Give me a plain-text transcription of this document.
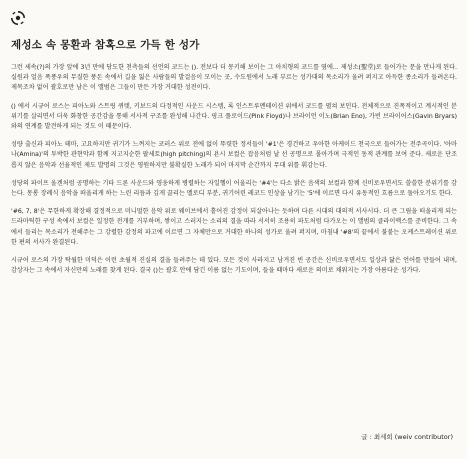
제성소 속 몽환과 참혹으로 가득 한 성가

그런 세속(?)의 가장 앞에 3년 만에 당도한 천측들의 선언의 코드는 (). 전보다 더 몽키해 보이는 그 아치형의 코드를 옆에... 제성소(聖堂)로 들어가는 문을 만나게 된다. 실원과 얼음 폭풍우의 무질한 풍돈 속에서 길을 잃은 사람들의 발걸음이 모이는 곳, 수도원에서 노래 부르는 성가대의 목소리가 울려 퍼지고 아득한 종소리가 들려온다. 제목조차 없어 괄호로만 남은 이 앨범은 그들이 만든 가장 거대한 성전이다.

() 에서 시규어 로스는 피아노와 스트링 퀴텟, 키보드의 다정적인 사운드 시스템, 록 인스트루멘테이션 위에서 코드를 펼쳐 보인다. 전체적으로 진폭적이고 계시적인 분위기를 살리면서 더욱 화창한 공간감을 통해 서사적 구조를 완성해 나간다. 핑크 플로이드(Pink Floyd)나 브라이언 이노(Brian Eno), 가빈 브라이어스(Gavin Bryars)와의 연계를 발견하게 되는 것도 이 때문이다.

성량 출신과 피아노 테마, 고요하지만 귀기가 느껴지는 코러스 위로 전에 없이 뚜렷한 정서들이 '#1'은 경건하고 우아한 아케이드 천국으로 들어가는 전주곡이다. '아마나(Amina)'의 투박한 관현악과 함께 지고지순한 팔세토(high pitching)의 욘시 보컬은 잡음처럼 날 선 공명으로 몰아가며 극적인 동적 관계를 보여 준다. 새로운 단조롭지 않은 음악과 선율적인 제도 발명의 그것은 영원하지만 불확실한 노래가 되어 마지막 순간까지 무대 위를 휘감는다.

성당의 파이프 올겐처럼 공명하는 기타 드론 사운드와 영웅하게 병렬하는 자일헬이 어울리는 '#4'는 다소 밝은 음색의 보컬과 함께 신비로우면서도 쓸쓸한 분위기를 감는다. 몽롱 장례식 음악을 떠올리게 하는 느린 리듬과 깊게 끌리는 멜로디 부분, 귀기어린 레코드 인상을 남기는 '5'에 이르면 다시 유동적인 흐름으로 돌아오기도 한다.

'#6, 7, 8'은 무한하게 확장해 결정적으로 미니멀한 음악 위로 웨이브에서 흩어진 감정이 되살아나는 듯하며 다른 시대의 대의적 서사시다. 더 큰 그림을 떠올리게 되는 드라마틱한 구성 속에서 보컬은 일정한 전개를 거부하며, 쌓이고 스러지는 소리의 결을 따라 서서히 조용히 파도처럼 다가오는 이 앨범의 클라이맥스를 준비한다. 그 속에서 들리는 목소리가 전해주는 그 강렬한 감정의 파고에 이르면 그 자체만으로 거대한 하나의 성가로 울려 퍼지며, 마침내 '#8'의 끝에서 불붙는 오케스트레이션 위로 한 편의 서사가 완결된다.

시규어 로스의 가장 탁월한 미덕은 이런 초월적 진실의 결을 들려주는 데 있다. 모든 것이 사라지고 남겨진 빈 공간은 신비로우면서도 일상과 닮은 언어를 만들어 내며, 감상자는 그 속에서 자신만의 노래를 찾게 된다. 결국 ()는 괄호 안에 담긴 이름 없는 기도이며, 들을 때마다 새로운 의미로 채워지는 가장 아름다운 성가다.

글 : 최세희 (weiv contributor)
